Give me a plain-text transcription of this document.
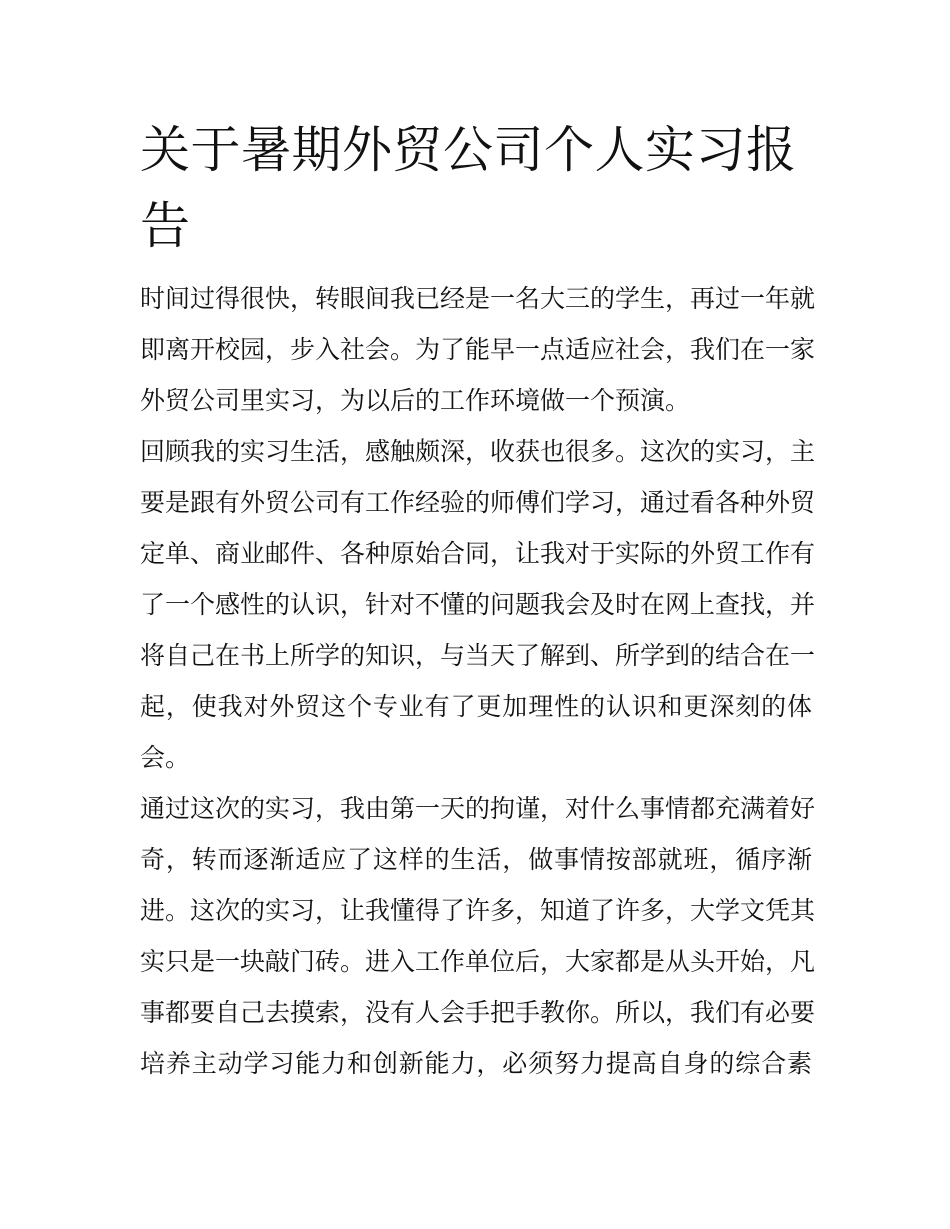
关于暑期外贸公司个人实习报告
时间过得很快，转眼间我已经是一名大三的学生，再过一年就
即离开校园，步入社会。为了能早一点适应社会，我们在一家
外贸公司里实习，为以后的工作环境做一个预演。
回顾我的实习生活，感触颇深，收获也很多。这次的实习，主
要是跟有外贸公司有工作经验的师傅们学习，通过看各种外贸
定单、商业邮件、各种原始合同，让我对于实际的外贸工作有
了一个感性的认识，针对不懂的问题我会及时在网上查找，并
将自己在书上所学的知识，与当天了解到、所学到的结合在一
起，使我对外贸这个专业有了更加理性的认识和更深刻的体
会。
通过这次的实习，我由第一天的拘谨，对什么事情都充满着好
奇，转而逐渐适应了这样的生活，做事情按部就班，循序渐
进。这次的实习，让我懂得了许多，知道了许多，大学文凭其
实只是一块敲门砖。进入工作单位后，大家都是从头开始，凡
事都要自己去摸索，没有人会手把手教你。所以，我们有必要
培养主动学习能力和创新能力，必须努力提高自身的综合素
